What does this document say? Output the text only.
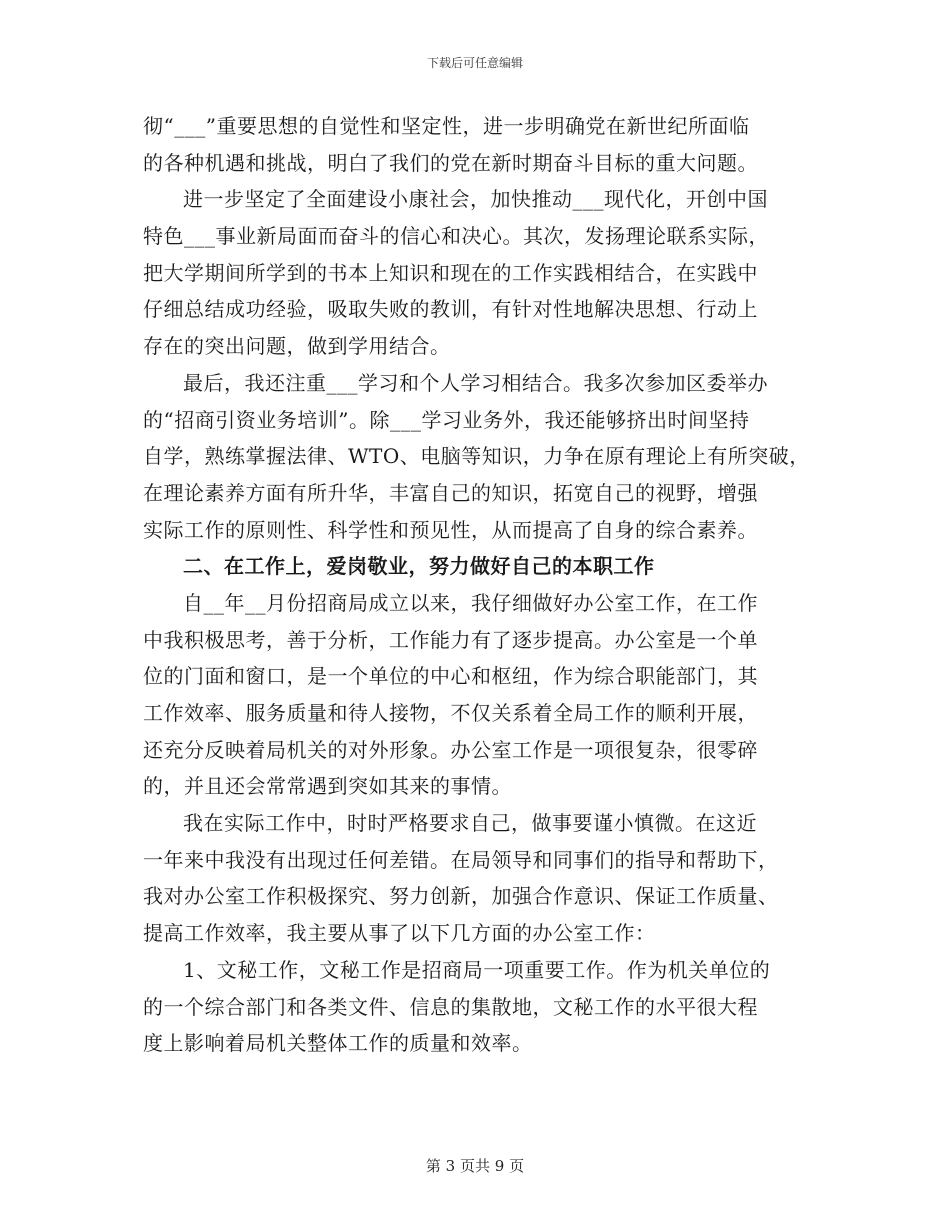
下载后可任意编辑
彻“___”重要思想的自觉性和坚定性，进一步明确党在新世纪所面临
的各种机遇和挑战，明白了我们的党在新时期奋斗目标的重大问题。
进一步坚定了全面建设小康社会，加快推动___现代化，开创中国
特色___事业新局面而奋斗的信心和决心。其次，发扬理论联系实际，
把大学期间所学到的书本上知识和现在的工作实践相结合，在实践中
仔细总结成功经验，吸取失败的教训，有针对性地解决思想、行动上
存在的突出问题，做到学用结合。
最后，我还注重___学习和个人学习相结合。我多次参加区委举办
的“招商引资业务培训”。除___学习业务外，我还能够挤出时间坚持
自学，熟练掌握法律、WTO、电脑等知识，力争在原有理论上有所突破，
在理论素养方面有所升华，丰富自己的知识，拓宽自己的视野，增强
实际工作的原则性、科学性和预见性，从而提高了自身的综合素养。
二、在工作上，爱岗敬业，努力做好自己的本职工作
自__年__月份招商局成立以来，我仔细做好办公室工作，在工作
中我积极思考，善于分析，工作能力有了逐步提高。办公室是一个单
位的门面和窗口，是一个单位的中心和枢纽，作为综合职能部门，其
工作效率、服务质量和待人接物，不仅关系着全局工作的顺利开展，
还充分反映着局机关的对外形象。办公室工作是一项很复杂，很零碎
的，并且还会常常遇到突如其来的事情。
我在实际工作中，时时严格要求自己，做事要谨小慎微。在这近
一年来中我没有出现过任何差错。在局领导和同事们的指导和帮助下，
我对办公室工作积极探究、努力创新，加强合作意识、保证工作质量、
提高工作效率，我主要从事了以下几方面的办公室工作：
1、文秘工作，文秘工作是招商局一项重要工作。作为机关单位的
的一个综合部门和各类文件、信息的集散地，文秘工作的水平很大程
度上影响着局机关整体工作的质量和效率。
第 3 页共 9 页
